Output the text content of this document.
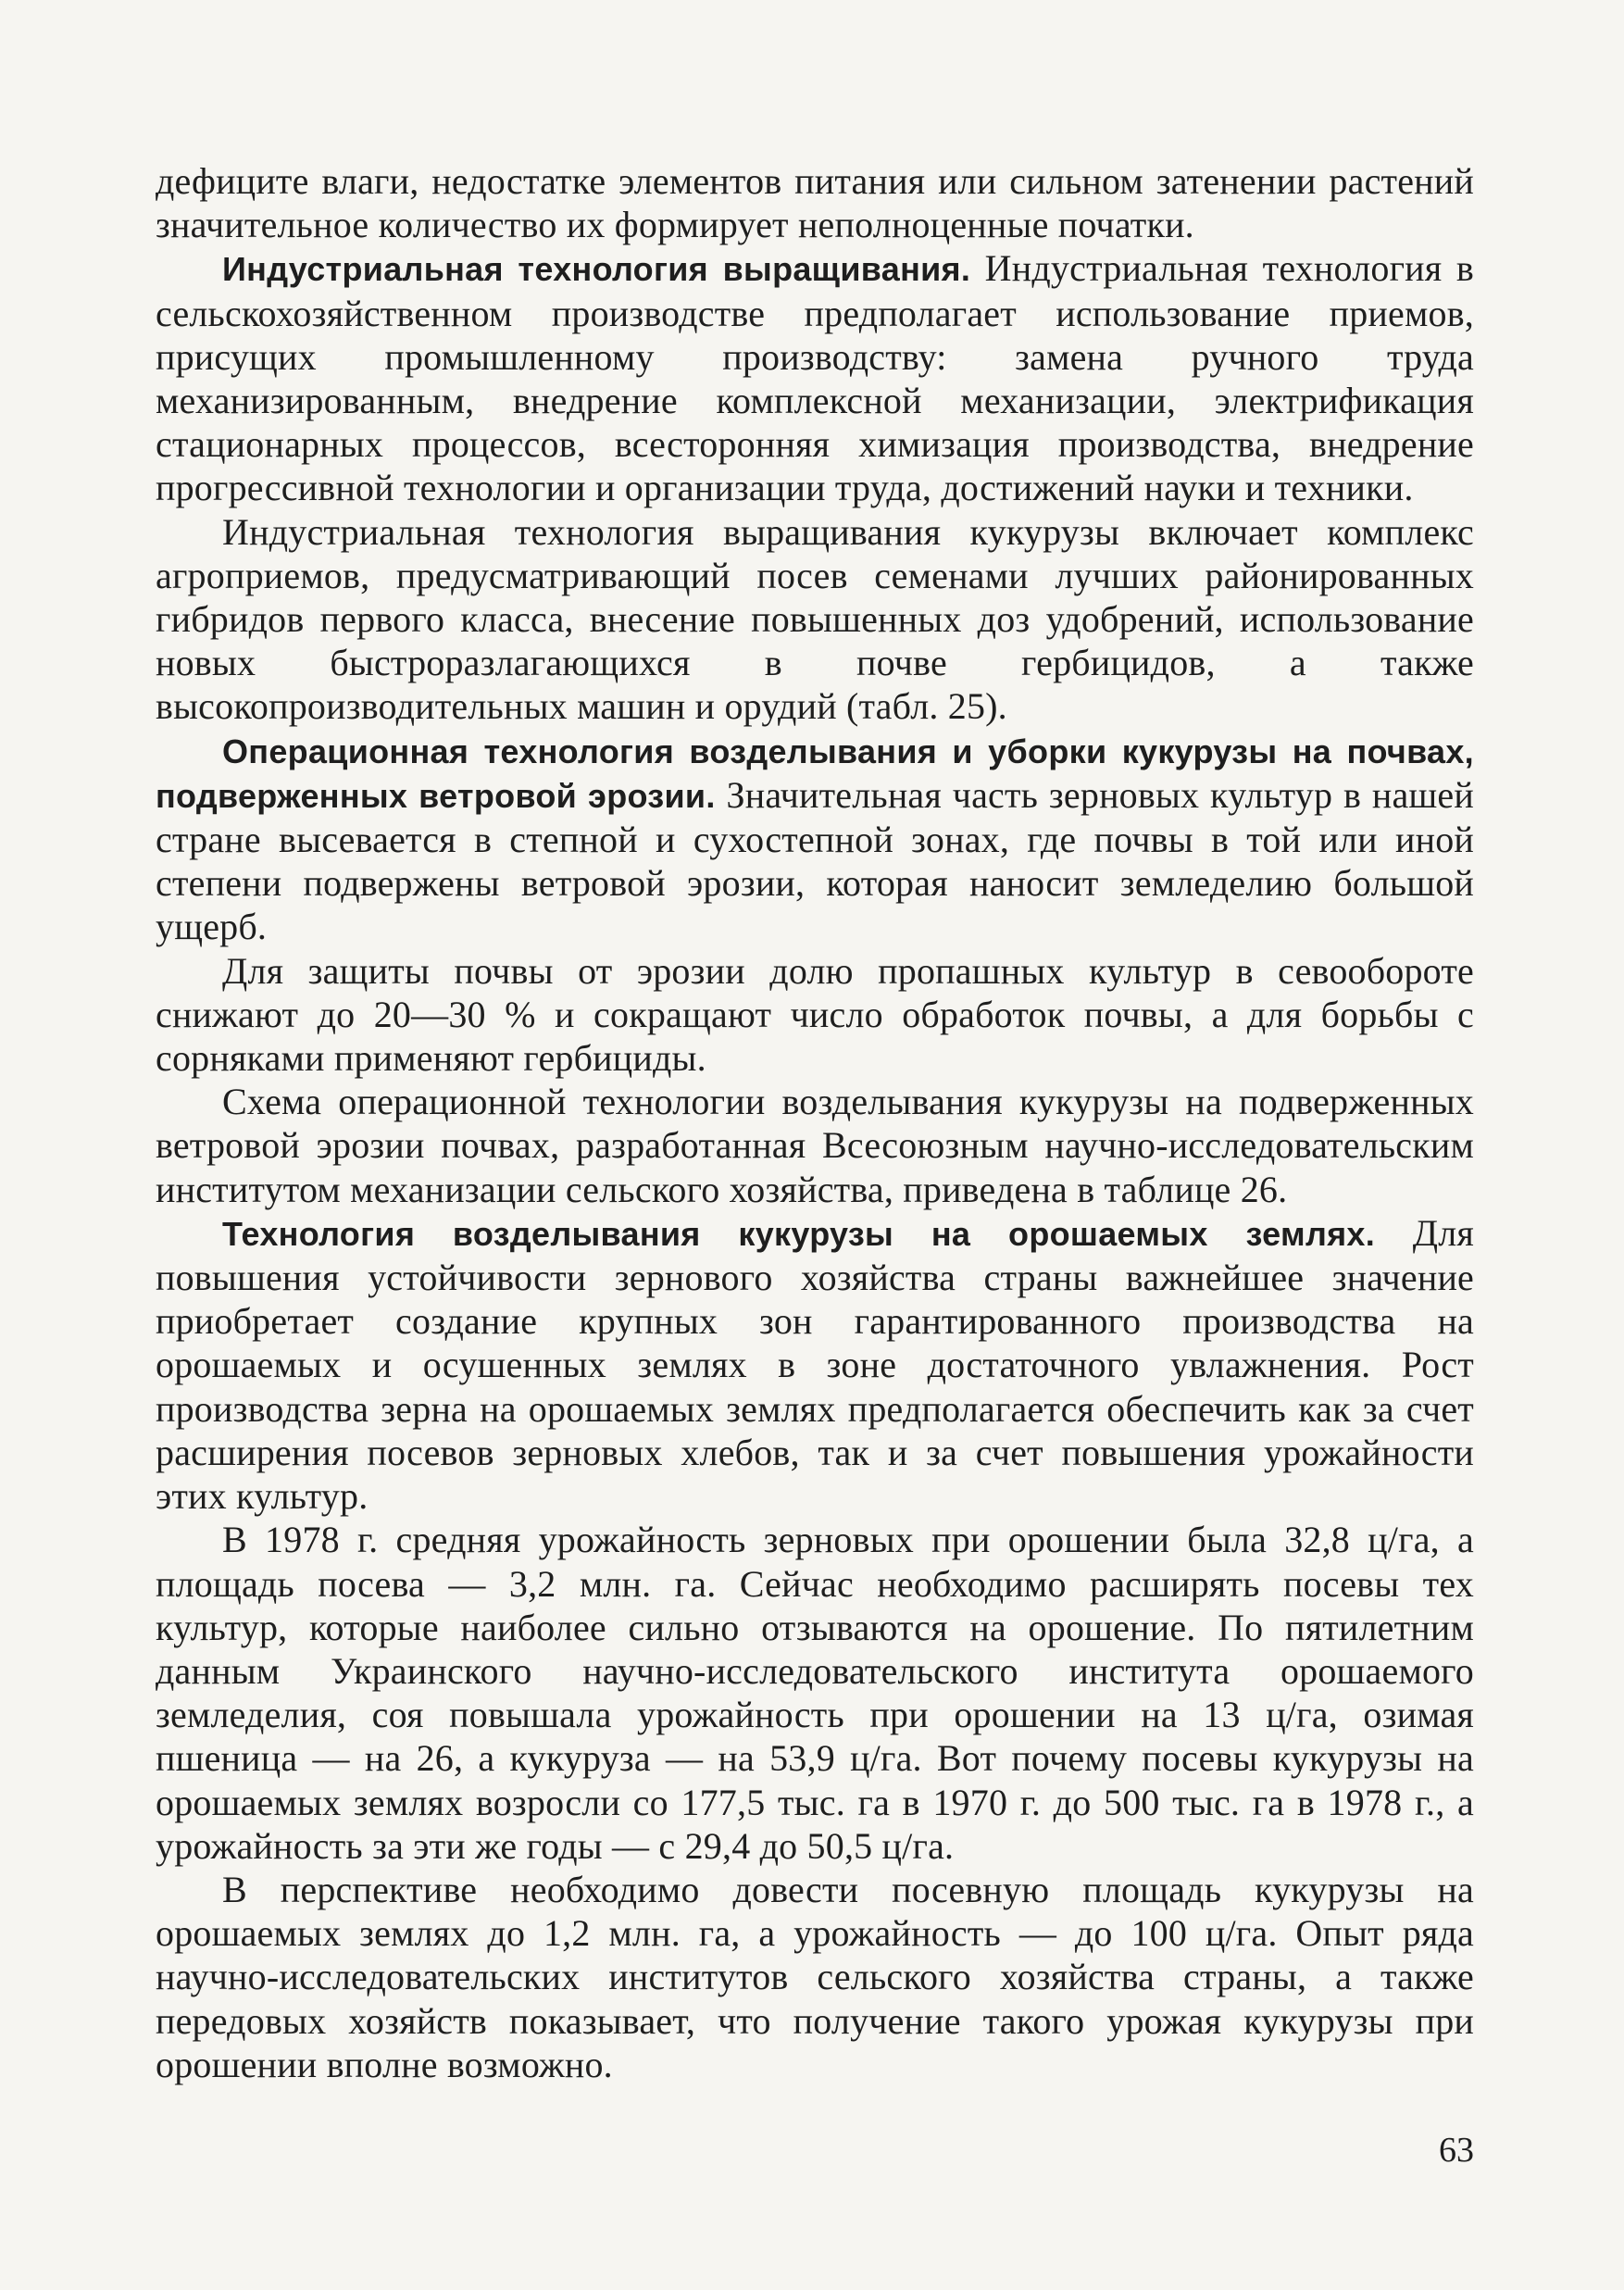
дефиците влаги, недостатке элементов питания или сильном затенении растений значительное количество их формирует неполноценные початки.

Индустриальная технология выращивания. Индустриальная технология в сельскохозяйственном производстве предполагает использование приемов, присущих промышленному производству: замена ручного труда механизированным, внедрение комплексной механизации, электрификация стационарных процессов, всесторонняя химизация производства, внедрение прогрессивной технологии и организации труда, достижений науки и техники.

Индустриальная технология выращивания кукурузы включает комплекс агроприемов, предусматривающий посев семенами лучших районированных гибридов первого класса, внесение повышенных доз удобрений, использование новых быстроразлагающихся в почве гербицидов, а также высокопроизводительных машин и орудий (табл. 25).

Операционная технология возделывания и уборки кукурузы на почвах, подверженных ветровой эрозии. Значительная часть зерновых культур в нашей стране высевается в степной и сухостепной зонах, где почвы в той или иной степени подвержены ветровой эрозии, которая наносит земледелию большой ущерб.

Для защиты почвы от эрозии долю пропашных культур в севообороте снижают до 20—30 % и сокращают число обработок почвы, а для борьбы с сорняками применяют гербициды.

Схема операционной технологии возделывания кукурузы на подверженных ветровой эрозии почвах, разработанная Всесоюзным научно-исследовательским институтом механизации сельского хозяйства, приведена в таблице 26.

Технология возделывания кукурузы на орошаемых землях. Для повышения устойчивости зернового хозяйства страны важнейшее значение приобретает создание крупных зон гарантированного производства на орошаемых и осушенных землях в зоне достаточного увлажнения. Рост производства зерна на орошаемых землях предполагается обеспечить как за счет расширения посевов зерновых хлебов, так и за счет повышения урожайности этих культур.

В 1978 г. средняя урожайность зерновых при орошении была 32,8 ц/га, а площадь посева — 3,2 млн. га. Сейчас необходимо расширять посевы тех культур, которые наиболее сильно отзываются на орошение. По пятилетним данным Украинского научно-исследовательского института орошаемого земледелия, соя повышала урожайность при орошении на 13 ц/га, озимая пшеница — на 26, а кукуруза — на 53,9 ц/га. Вот почему посевы кукурузы на орошаемых землях возросли со 177,5 тыс. га в 1970 г. до 500 тыс. га в 1978 г., а урожайность за эти же годы — с 29,4 до 50,5 ц/га.

В перспективе необходимо довести посевную площадь кукурузы на орошаемых землях до 1,2 млн. га, а урожайность — до 100 ц/га. Опыт ряда научно-исследовательских институтов сельского хозяйства страны, а также передовых хозяйств показывает, что получение такого урожая кукурузы при орошении вполне возможно.

63
